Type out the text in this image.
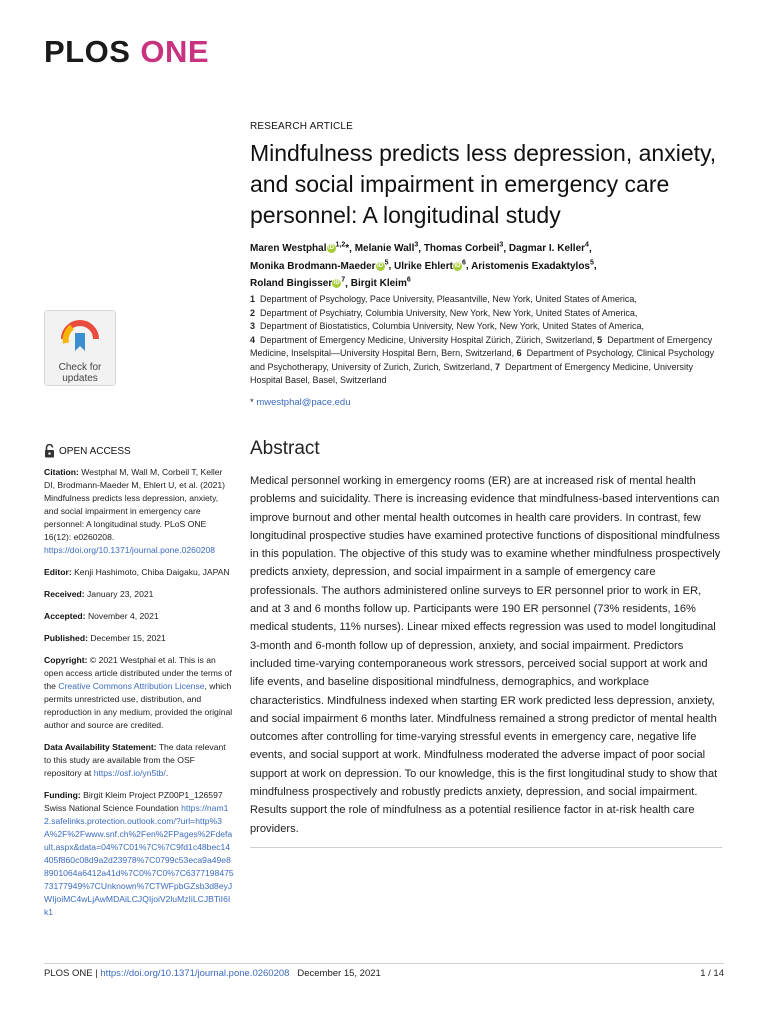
PLOS ONE
Check for
updates
RESEARCH ARTICLE
Mindfulness predicts less depression, anxiety, and social impairment in emergency care personnel: A longitudinal study
Maren Westphal iD $^{1,2}$*, Melanie Wall$^3$, Thomas Corbeil$^3$, Dagmar I. Keller$^4$,
Monika Brodmann-Maeder iD $^5$, Ulrike Ehlert iD $^6$, Aristomenis Exadaktylos$^5$,
Roland Bingisser iD $^7$, Birgit Kleim$^6$
1 Department of Psychology, Pace University, Pleasantville, New York, United States of America,
2 Department of Psychiatry, Columbia University, New York, New York, United States of America,
3 Department of Biostatistics, Columbia University, New York, New York, United States of America,
4 Department of Emergency Medicine, University Hospital Zürich, Zürich, Switzerland, 5 Department of Emergency Medicine, Inselspital—University Hospital Bern, Bern, Switzerland, 6 Department of Psychology, Clinical Psychology and Psychotherapy, University of Zurich, Zurich, Switzerland, 7 Department of Emergency Medicine, University Hospital Basel, Basel, Switzerland
* mwestphal@pace.edu
OPEN ACCESS

Citation: Westphal M, Wall M, Corbeil T, Keller DI, Brodmann-Maeder M, Ehlert U, et al. (2021) Mindfulness predicts less depression, anxiety, and social impairment in emergency care personnel: A longitudinal study. PLoS ONE 16(12): e0260208. https://doi.org/10.1371/journal.pone.0260208

Editor: Kenji Hashimoto, Chiba Daigaku, JAPAN

Received: January 23, 2021

Accepted: November 4, 2021

Published: December 15, 2021

Copyright: © 2021 Westphal et al. This is an open access article distributed under the terms of the Creative Commons Attribution License, which permits unrestricted use, distribution, and reproduction in any medium, provided the original author and source are credited.

Data Availability Statement: The data relevant to this study are available from the OSF repository at https://osf.io/yn5tb/.

Funding: Birgit Kleim Project PZ00P1_126597 Swiss National Science Foundation https://nam12.safelinks.protection.outlook.com/?url=http%3A%2F%2Fwww.snf.ch%2Fen%2FPages%2Fdefault.aspx&data=04%7C01%7C%7C9fd1c48bec14405f860c08d9a2d23978%7C0799c53eca9a49e88901064a6412a41d%7C0%7C0%7C637719847573177949%7CUnknown%7CTWFpbGZsb3d8eyJWIjoiMC4wLjAwMDAiLCJQIjoiV2luMzIiLCJBTiI6Ik1

Abstract

Medical personnel working in emergency rooms (ER) are at increased risk of mental health problems and suicidality. There is increasing evidence that mindfulness-based interventions can improve burnout and other mental health outcomes in health care providers. In contrast, few longitudinal prospective studies have examined protective functions of dispositional mindfulness in this population. The objective of this study was to examine whether mindfulness prospectively predicts anxiety, depression, and social impairment in a sample of emergency care professionals. The authors administered online surveys to ER personnel prior to work in ER, and at 3 and 6 months follow up. Participants were 190 ER personnel (73% residents, 16% medical students, 11% nurses). Linear mixed effects regression was used to model longitudinal 3-month and 6-month follow up of depression, anxiety, and social impairment. Predictors included time-varying contemporaneous work stressors, perceived social support at work and life events, and baseline dispositional mindfulness, demographics, and workplace characteristics. Mindfulness indexed when starting ER work predicted less depression, anxiety, and social impairment 6 months later. Mindfulness remained a strong predictor of mental health outcomes after controlling for time-varying stressful events in emergency care, negative life events, and social support at work. Mindfulness moderated the adverse impact of poor social support at work on depression. To our knowledge, this is the first longitudinal study to show that mindfulness prospectively and robustly predicts anxiety, depression, and social impairment. Results support the role of mindfulness as a potential resilience factor in at-risk health care providers.

PLOS ONE | https://doi.org/10.1371/journal.pone.0260208 December 15, 2021	1 / 14
